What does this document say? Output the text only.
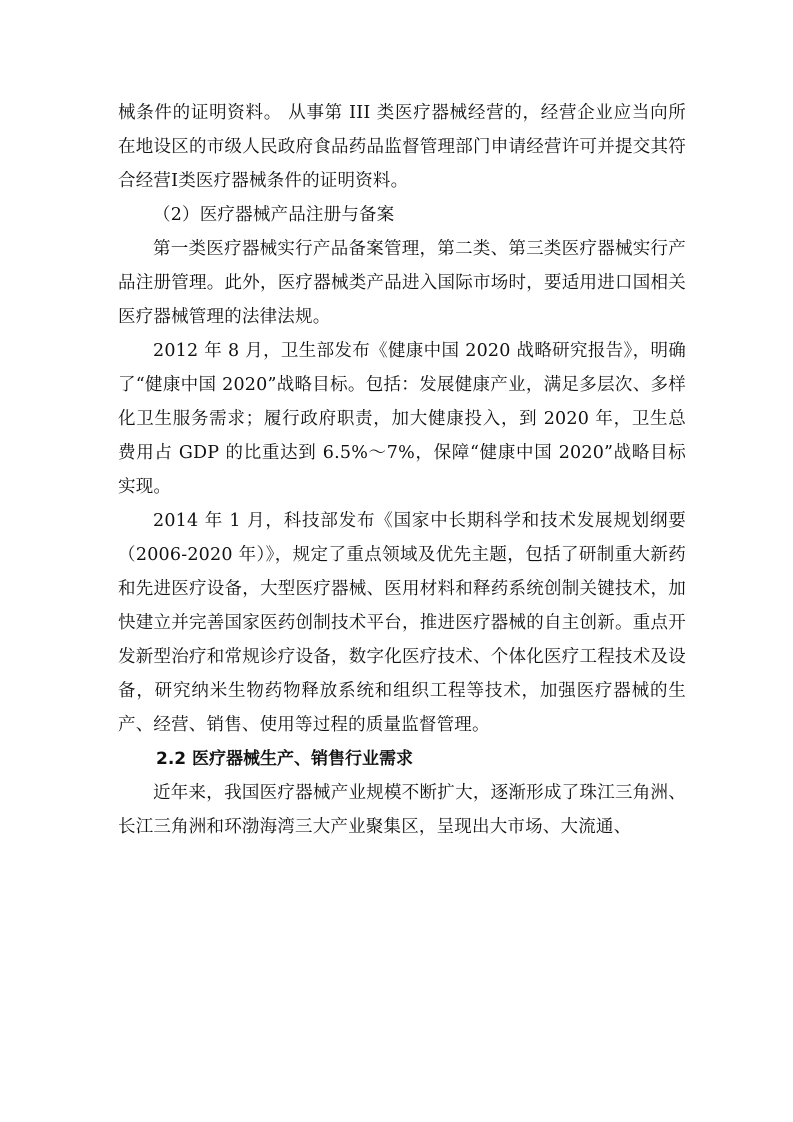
械条件的证明资料。 从事第 III 类医疗器械经营的，经营企业应当向所在地设区的市级人民政府食品药品监督管理部门申请经营许可并提交其符合经营Ⅰ类医疗器械条件的证明资料。

（2）医疗器械产品注册与备案

第一类医疗器械实行产品备案管理，第二类、第三类医疗器械实行产品注册管理。此外，医疗器械类产品进入国际市场时，要适用进口国相关医疗器械管理的法律法规。

2012 年 8 月，卫生部发布《健康中国 2020 战略研究报告》，明确了“健康中国 2020”战略目标。包括：发展健康产业，满足多层次、多样化卫生服务需求；履行政府职责，加大健康投入，到 2020 年，卫生总费用占 GDP 的比重达到 6.5%～7%，保障“健康中国 2020”战略目标实现。

2014 年 1 月，科技部发布《国家中长期科学和技术发展规划纲要（2006-2020 年）》，规定了重点领域及优先主题，包括了研制重大新药和先进医疗设备，大型医疗器械、医用材料和释药系统创制关键技术，加快建立并完善国家医药创制技术平台，推进医疗器械的自主创新。重点开发新型治疗和常规诊疗设备，数字化医疗技术、个体化医疗工程技术及设备，研究纳米生物药物释放系统和组织工程等技术，加强医疗器械的生产、经营、销售、使用等过程的质量监督管理。

2.2 医疗器械生产、销售行业需求

近年来，我国医疗器械产业规模不断扩大，逐渐形成了珠江三角洲、长江三角洲和环渤海湾三大产业聚集区，呈现出大市场、大流通、
